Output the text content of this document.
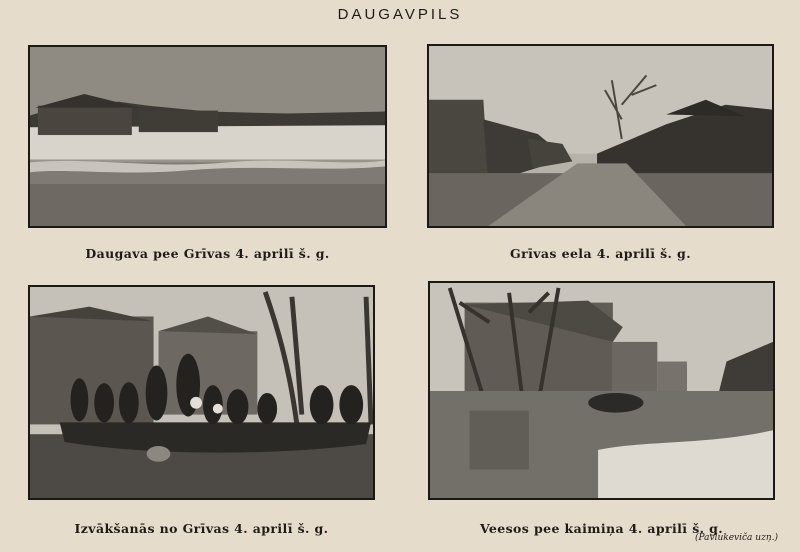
DAUGAVPILS
Daugava pee Grīvas 4. aprilī š. g.	Grīvas eela 4. aprilī š. g.
Izvākšanās no Grīvas 4. aprilī š. g.	Veesos pee kaimiņa 4. aprilī š. g.
(Pavlukeviča uzņ.)
